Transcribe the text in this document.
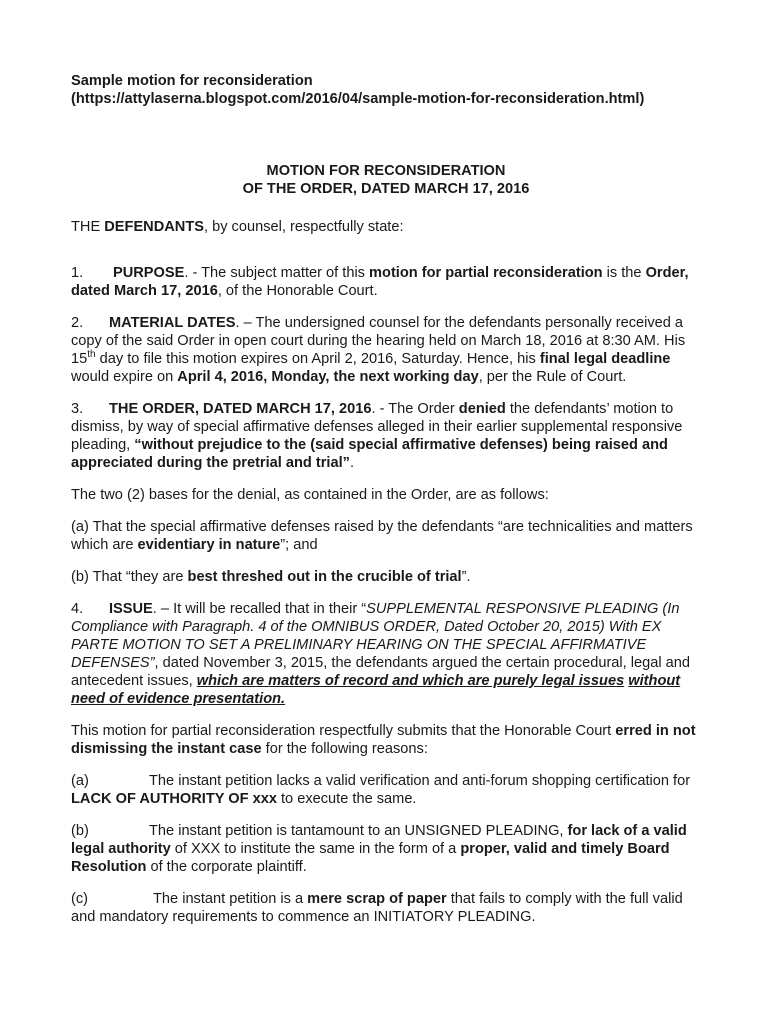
Sample motion for reconsideration
(https://attylaserna.blogspot.com/2016/04/sample-motion-for-reconsideration.html)

MOTION FOR RECONSIDERATION
OF THE ORDER, DATED MARCH 17, 2016

THE DEFENDANTS, by counsel, respectfully state:

1. PURPOSE. - The subject matter of this motion for partial reconsideration is the Order, dated March 17, 2016, of the Honorable Court.

2. MATERIAL DATES. – The undersigned counsel for the defendants personally received a copy of the said Order in open court during the hearing held on March 18, 2016 at 8:30 AM. His 15th day to file this motion expires on April 2, 2016, Saturday. Hence, his final legal deadline would expire on April 4, 2016, Monday, the next working day, per the Rule of Court.

3. THE ORDER, DATED MARCH 17, 2016. - The Order denied the defendants’ motion to dismiss, by way of special affirmative defenses alleged in their earlier supplemental responsive pleading, “without prejudice to the (said special affirmative defenses) being raised and appreciated during the pretrial and trial”.

The two (2) bases for the denial, as contained in the Order, are as follows:

(a) That the special affirmative defenses raised by the defendants “are technicalities and matters which are evidentiary in nature”; and

(b) That “they are best threshed out in the crucible of trial”.

4. ISSUE. – It will be recalled that in their “SUPPLEMENTAL RESPONSIVE PLEADING (In Compliance with Paragraph. 4 of the OMNIBUS ORDER, Dated October 20, 2015) With EX PARTE MOTION TO SET A PRELIMINARY HEARING ON THE SPECIAL AFFIRMATIVE DEFENSES”, dated November 3, 2015, the defendants argued the certain procedural, legal and antecedent issues, which are matters of record and which are purely legal issues without need of evidence presentation.

This motion for partial reconsideration respectfully submits that the Honorable Court erred in not dismissing the instant case for the following reasons:

(a)	The instant petition lacks a valid verification and anti-forum shopping certification for LACK OF AUTHORITY OF xxx to execute the same.

(b)	The instant petition is tantamount to an UNSIGNED PLEADING, for lack of a valid legal authority of XXX to institute the same in the form of a proper, valid and timely Board Resolution of the corporate plaintiff.

(c)	The instant petition is a mere scrap of paper that fails to comply with the full valid and mandatory requirements to commence an INITIATORY PLEADING.
